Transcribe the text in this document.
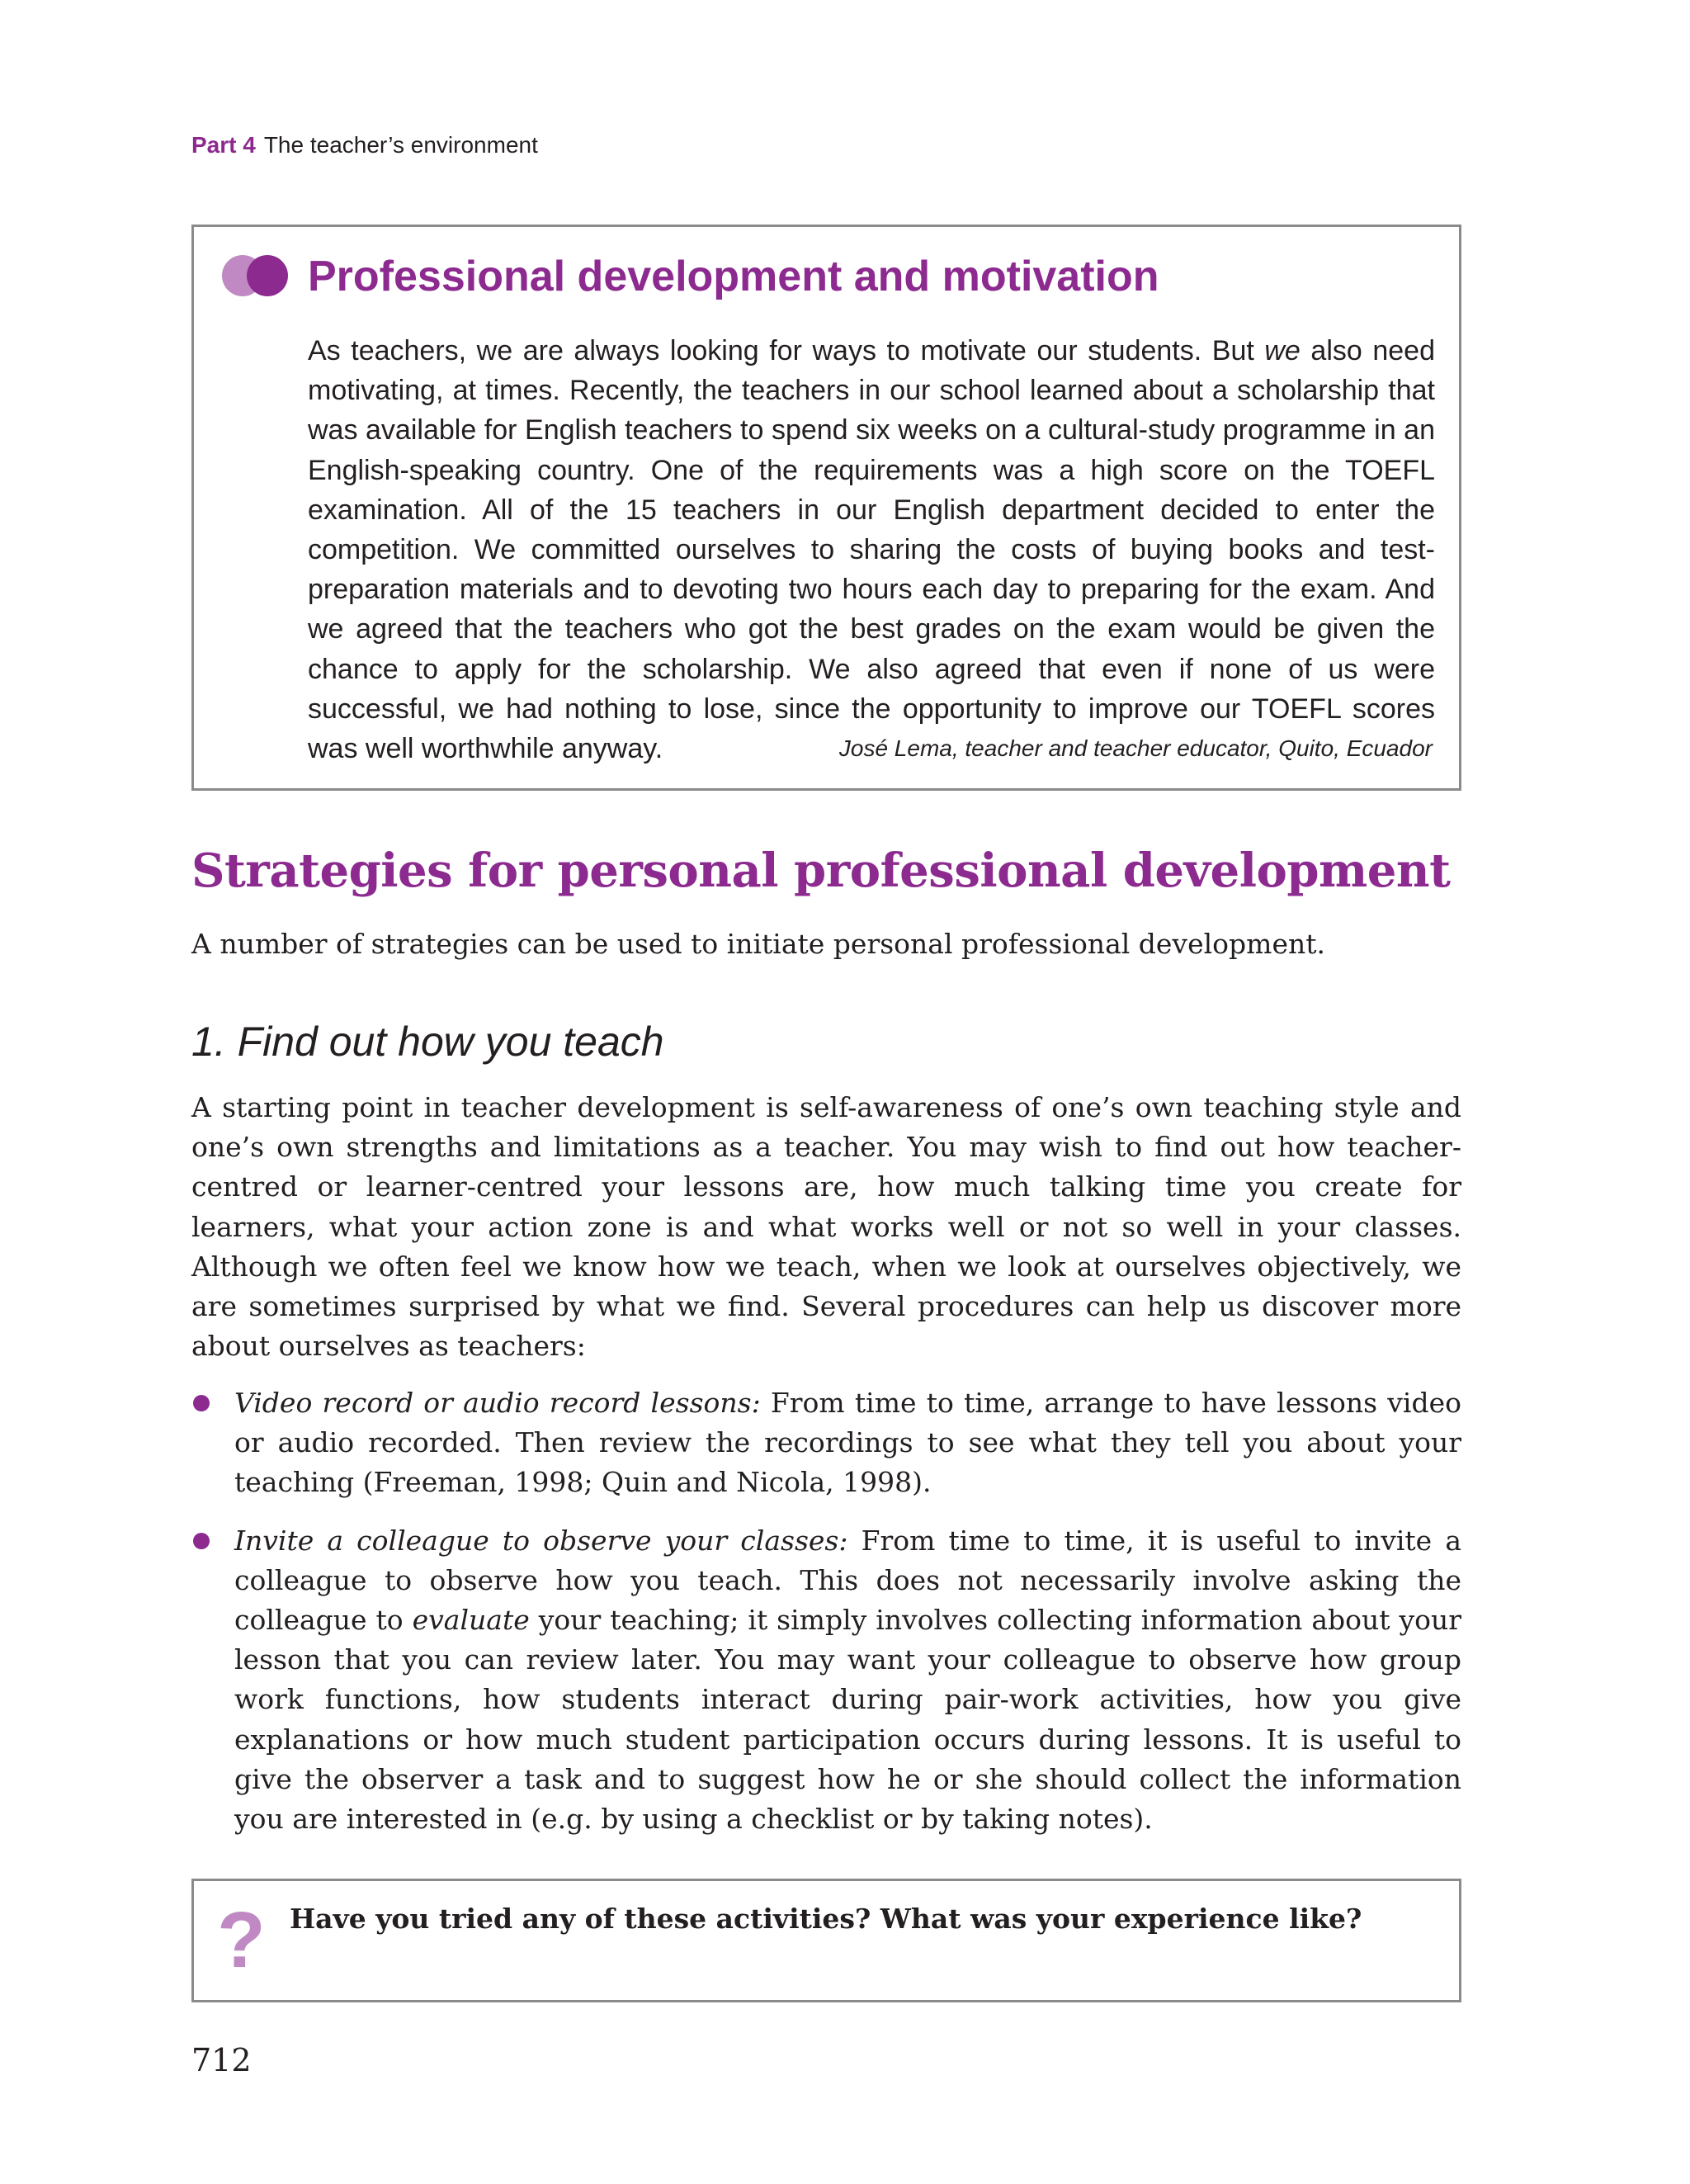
Part 4 The teacher’s environment
Professional development and motivation

As teachers, we are always looking for ways to motivate our students. But we also need motivating, at times. Recently, the teachers in our school learned about a scholarship that was available for English teachers to spend six weeks on a cultural-study programme in an English-speaking country. One of the requirements was a high score on the TOEFL examination. All of the 15 teachers in our English department decided to enter the competition. We committed ourselves to sharing the costs of buying books and test-preparation materials and to devoting two hours each day to preparing for the exam. And we agreed that the teachers who got the best grades on the exam would be given the chance to apply for the scholarship. We also agreed that even if none of us were successful, we had nothing to lose, since the opportunity to improve our TOEFL scores was well worthwhile anyway.	José Lema, teacher and teacher educator, Quito, Ecuador

Strategies for personal professional development

A number of strategies can be used to initiate personal professional development.

1. Find out how you teach

A starting point in teacher development is self-awareness of one’s own teaching style and one’s own strengths and limitations as a teacher. You may wish to find out how teacher-centred or learner-centred your lessons are, how much talking time you create for learners, what your action zone is and what works well or not so well in your classes. Although we often feel we know how we teach, when we look at ourselves objectively, we are sometimes surprised by what we find. Several procedures can help us discover more about ourselves as teachers:

Video record or audio record lessons: From time to time, arrange to have lessons video or audio recorded. Then review the recordings to see what they tell you about your teaching (Freeman, 1998; Quin and Nicola, 1998).
Invite a colleague to observe your classes: From time to time, it is useful to invite a colleague to observe how you teach. This does not necessarily involve asking the colleague to evaluate your teaching; it simply involves collecting information about your lesson that you can review later. You may want your colleague to observe how group work functions, how students interact during pair-work activities, how you give explanations or how much student participation occurs during lessons. It is useful to give the observer a task and to suggest how he or she should collect the information you are interested in (e.g. by using a checklist or by taking notes).
? Have you tried any of these activities? What was your experience like?

712
